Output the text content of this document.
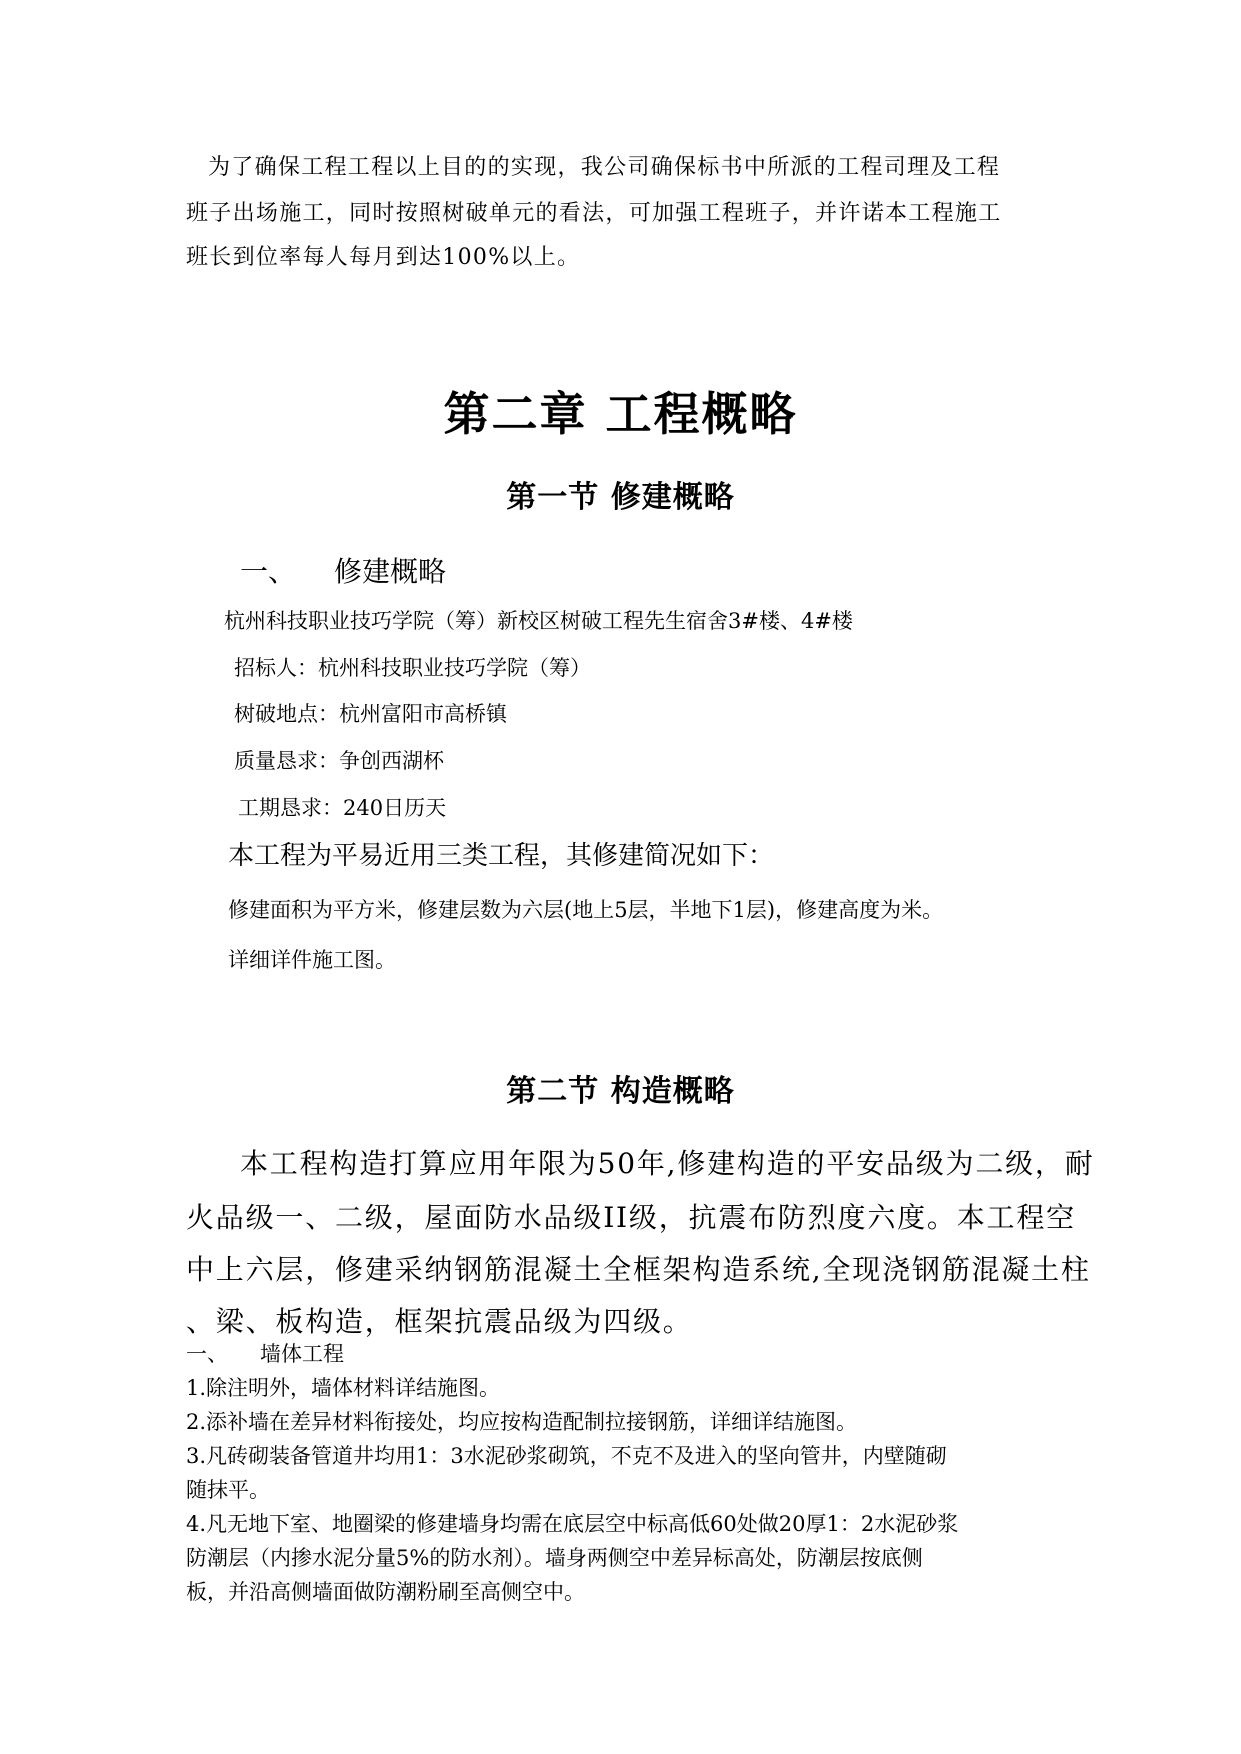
为了确保工程工程以上目的的实现，我公司确保标书中所派的工程司理及工程
班子出场施工，同时按照树破单元的看法，可加强工程班子，并许诺本工程施工
班长到位率每人每月到达100%以上。
第二章 工程概略
第一节 修建概略
一、 修建概略
杭州科技职业技巧学院（筹）新校区树破工程先生宿舍3#楼、4#楼
招标人：杭州科技职业技巧学院（筹）
树破地点：杭州富阳市高桥镇
质量恳求：争创西湖杯
工期恳求：240日历天
本工程为平易近用三类工程，其修建简况如下：
修建面积为平方米，修建层数为六层(地上5层，半地下1层)，修建高度为米。
详细详件施工图。
第二节 构造概略
本工程构造打算应用年限为50年,修建构造的平安品级为二级，耐
火品级一、二级，屋面防水品级II级，抗震布防烈度六度。本工程空
中上六层，修建采纳钢筋混凝土全框架构造系统,全现浇钢筋混凝土柱
、梁、板构造，框架抗震品级为四级。
一、 墙体工程
1.除注明外，墙体材料详结施图。
2.添补墙在差异材料衔接处，均应按构造配制拉接钢筋，详细详结施图。
3.凡砖砌装备管道井均用1：3水泥砂浆砌筑，不克不及进入的坚向管井，内壁随砌
随抹平。
4.凡无地下室、地圈梁的修建墙身均需在底层空中标高低60处做20厚1：2水泥砂浆
防潮层（内掺水泥分量5%的防水剂）。墙身两侧空中差异标高处，防潮层按底侧
板，并沿高侧墙面做防潮粉刷至高侧空中。
